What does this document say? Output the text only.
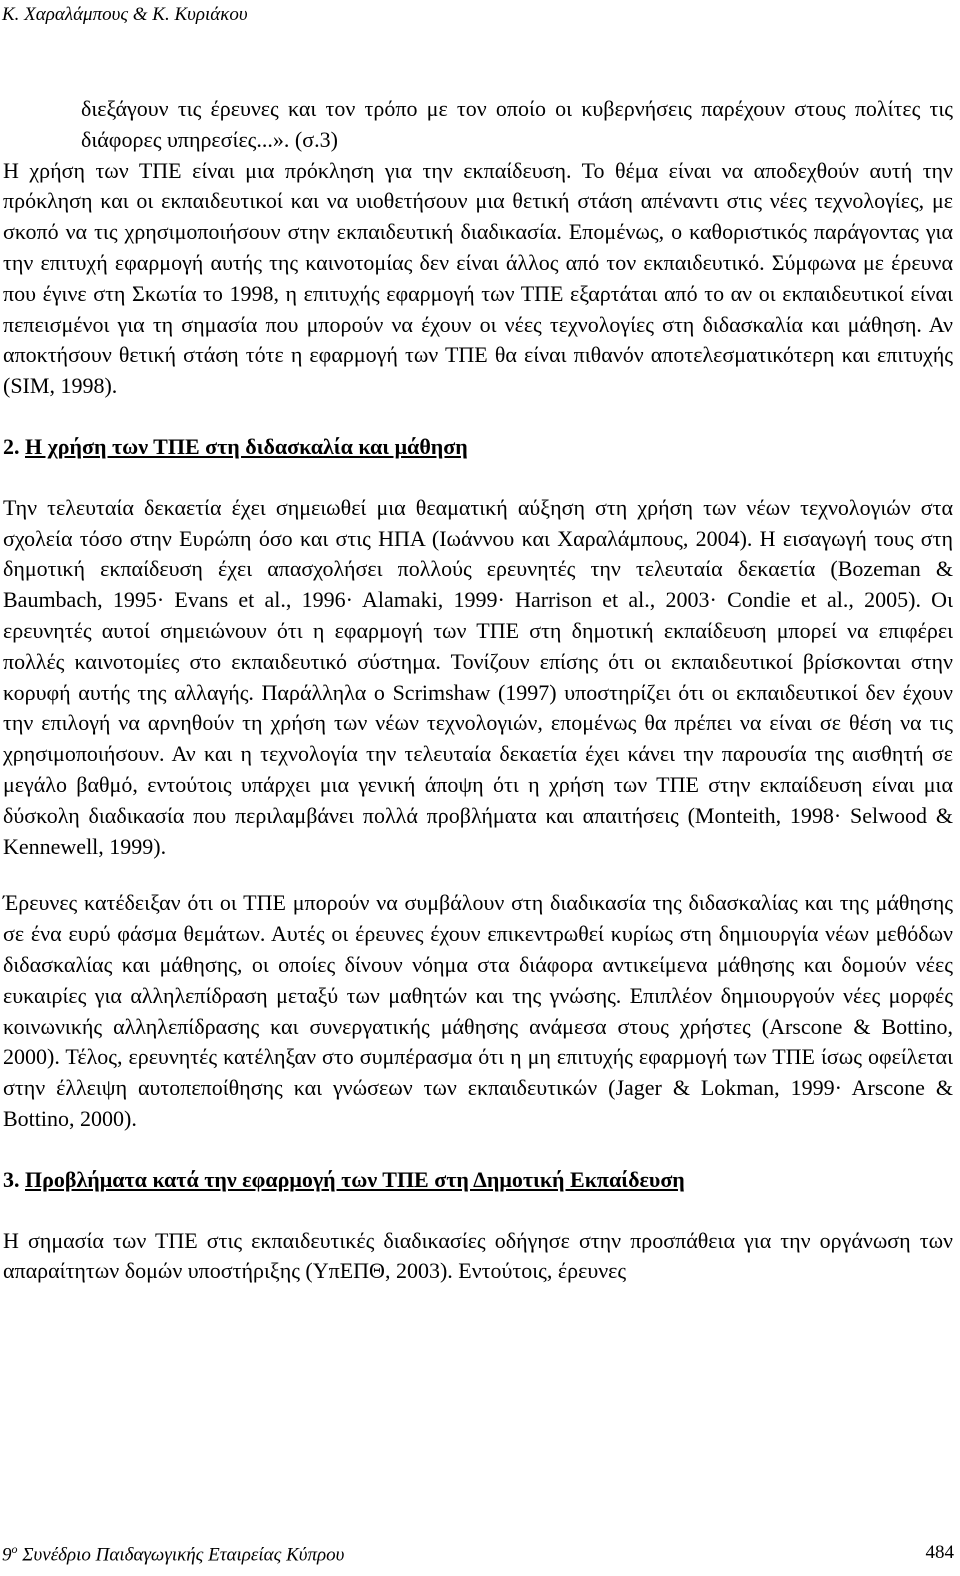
Κ. Χαραλάμπους & Κ. Κυριάκου

διεξάγουν τις έρευνες και τον τρόπο με τον οποίο οι κυβερνήσεις παρέχουν στους πολίτες τις διάφορες υπηρεσίες...». (σ.3)

Η χρήση των ΤΠΕ είναι μια πρόκληση για την εκπαίδευση. Το θέμα είναι να αποδεχθούν αυτή την πρόκληση και οι εκπαιδευτικοί και να υιοθετήσουν μια θετική στάση απέναντι στις νέες τεχνολογίες, με σκοπό να τις χρησιμοποιήσουν στην εκπαιδευτική διαδικασία. Επομένως, ο καθοριστικός παράγοντας για την επιτυχή εφαρμογή αυτής της καινοτομίας δεν είναι άλλος από τον εκπαιδευτικό. Σύμφωνα με έρευνα που έγινε στη Σκωτία το 1998, η επιτυχής εφαρμογή των ΤΠΕ εξαρτάται από το αν οι εκπαιδευτικοί είναι πεπεισμένοι για τη σημασία που μπορούν να έχουν οι νέες τεχνολογίες στη διδασκαλία και μάθηση. Αν αποκτήσουν θετική στάση τότε η εφαρμογή των ΤΠΕ θα είναι πιθανόν αποτελεσματικότερη και επιτυχής (SIM, 1998).

2. Η χρήση των ΤΠΕ στη διδασκαλία και μάθηση

Την τελευταία δεκαετία έχει σημειωθεί μια θεαματική αύξηση στη χρήση των νέων τεχνολογιών στα σχολεία τόσο στην Ευρώπη όσο και στις ΗΠΑ (Ιωάννου και Χαραλάμπους, 2004). Η εισαγωγή τους στη δημοτική εκπαίδευση έχει απασχολήσει πολλούς ερευνητές την τελευταία δεκαετία (Bozeman & Baumbach, 1995· Evans et al., 1996· Alamaki, 1999· Harrison et al., 2003· Condie et al., 2005). Οι ερευνητές αυτοί σημειώνουν ότι η εφαρμογή των ΤΠΕ στη δημοτική εκπαίδευση μπορεί να επιφέρει πολλές καινοτομίες στο εκπαιδευτικό σύστημα. Τονίζουν επίσης ότι οι εκπαιδευτικοί βρίσκονται στην κορυφή αυτής της αλλαγής. Παράλληλα ο Scrimshaw (1997) υποστηρίζει ότι οι εκπαιδευτικοί δεν έχουν την επιλογή να αρνηθούν τη χρήση των νέων τεχνολογιών, επομένως θα πρέπει να είναι σε θέση να τις χρησιμοποιήσουν. Αν και η τεχνολογία την τελευταία δεκαετία έχει κάνει την παρουσία της αισθητή σε μεγάλο βαθμό, εντούτοις υπάρχει μια γενική άποψη ότι η χρήση των ΤΠΕ στην εκπαίδευση είναι μια δύσκολη διαδικασία που περιλαμβάνει πολλά προβλήματα και απαιτήσεις (Monteith, 1998· Selwood & Kennewell, 1999).

Έρευνες κατέδειξαν ότι οι ΤΠΕ μπορούν να συμβάλουν στη διαδικασία της διδασκαλίας και της μάθησης σε ένα ευρύ φάσμα θεμάτων. Αυτές οι έρευνες έχουν επικεντρωθεί κυρίως στη δημιουργία νέων μεθόδων διδασκαλίας και μάθησης, οι οποίες δίνουν νόημα στα διάφορα αντικείμενα μάθησης και δομούν νέες ευκαιρίες για αλληλεπίδραση μεταξύ των μαθητών και της γνώσης. Επιπλέον δημιουργούν νέες μορφές κοινωνικής αλληλεπίδρασης και συνεργατικής μάθησης ανάμεσα στους χρήστες (Arscone & Bottino, 2000). Τέλος, ερευνητές κατέληξαν στο συμπέρασμα ότι η μη επιτυχής εφαρμογή των ΤΠΕ ίσως οφείλεται στην έλλειψη αυτοπεποίθησης και γνώσεων των εκπαιδευτικών (Jager & Lokman, 1999· Arscone & Bottino, 2000).

3. Προβλήματα κατά την εφαρμογή των ΤΠΕ στη Δημοτική Εκπαίδευση

Η σημασία των ΤΠΕ στις εκπαιδευτικές διαδικασίες οδήγησε στην προσπάθεια για την οργάνωση των απαραίτητων δομών υποστήριξης (ΥπΕΠΘ, 2003). Εντούτοις, έρευνες

$9^o$ Συνέδριο Παιδαγωγικής Εταιρείας Κύπρου	484
